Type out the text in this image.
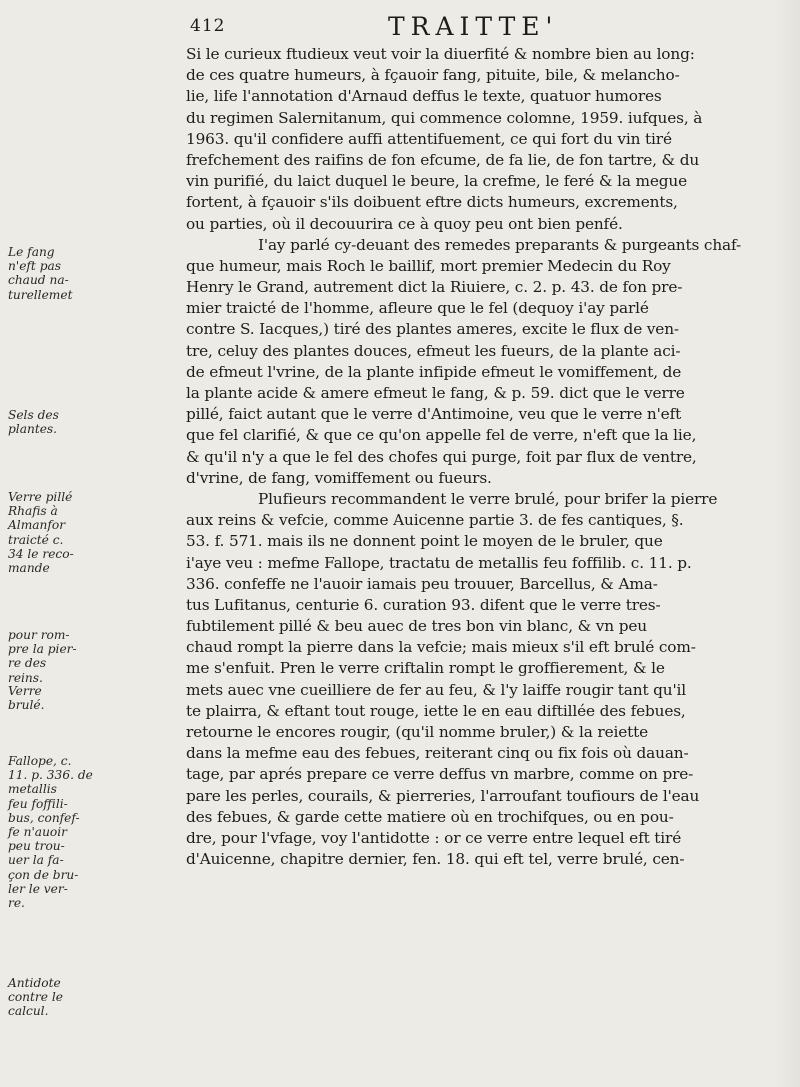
412	TRAITTE'
Si le curieux ftudieux veut voir la diuerfité & nombre bien au long:
de ces quatre humeurs, à fçauoir fang, pituite, bile, & melancho-
lie, life l'annotation d'Arnaud deffus le texte, quatuor humores
du regimen Salernitanum, qui commence colomne, 1959. iufques, à
1963. qu'il confidere auffi attentifuement, ce qui fort du vin tiré
frefchement des raifins de fon efcume, de fa lie, de fon tartre, & du
vin purifié, du laict duquel le beure, la crefme, le feré & la megue
fortent, à fçauoir s'ils doibuent eftre dicts humeurs, excrements,
ou parties, où il decouurira ce à quoy peu ont bien penfé.
I'ay parlé cy-deuant des remedes preparants & purgeants chaf-
que humeur, mais Roch le baillif, mort premier Medecin du Roy
Henry le Grand, autrement dict la Riuiere, c. 2. p. 43. de fon pre-
mier traicté de l'homme, afleure que le fel (dequoy i'ay parlé
contre S. Iacques,) tiré des plantes ameres, excite le flux de ven-
tre, celuy des plantes douces, efmeut les fueurs, de la plante aci-
de efmeut l'vrine, de la plante infipide efmeut le vomiffement, de
la plante acide & amere efmeut le fang, & p. 59. dict que le verre
pillé, faict autant que le verre d'Antimoine, veu que le verre n'eft
que fel clarifié, & que ce qu'on appelle fel de verre, n'eft que la lie,
& qu'il n'y a que le fel des chofes qui purge, foit par flux de ventre,
d'vrine, de fang, vomiffement ou fueurs.
Plufieurs recommandent le verre brulé, pour brifer la pierre
aux reins & vefcie, comme Auicenne partie 3. de fes cantiques, §.
53. f. 571. mais ils ne donnent point le moyen de le bruler, que
i'aye veu : mefme Fallope, tractatu de metallis feu foffilib. c. 11. p.
336. confeffe ne l'auoir iamais peu trouuer, Barcellus, & Ama-
tus Lufitanus, centurie 6. curation 93. difent que le verre tres-
fubtilement pillé & beu auec de tres bon vin blanc, & vn peu
chaud rompt la pierre dans la vefcie; mais mieux s'il eft brulé com-
me s'enfuit. Pren le verre criftalin rompt le groffierement, & le
mets auec vne cueilliere de fer au feu, & l'y laiffe rougir tant qu'il
te plairra, & eftant tout rouge, iette le en eau diftillée des febues,
retourne le encores rougir, (qu'il nomme bruler,) & la reiette
dans la mefme eau des febues, reiterant cinq ou fix fois où dauan-
tage, par aprés prepare ce verre deffus vn marbre, comme on pre-
pare les perles, courails, & pierreries, l'arroufant toufiours de l'eau
des febues, & garde cette matiere où en trochifques, ou en pou-
dre, pour l'vfage, voy l'antidotte : or ce verre entre lequel eft tiré
d'Auicenne, chapitre dernier, fen. 18. qui eft tel, verre brulé, cen-
Le fang
n'eft pas
chaud na-
turellemet
Sels des
plantes.
Verre pillé
Rhafis à
Almanfor
traicté c.
34 le reco-
mande
pour rom-
pre la pier-
re des
reins.
Verre
brulé.
Fallope, c.
11. p. 336. de
metallis
feu foffili-
bus, confef-
fe n'auoir
peu trou-
uer la fa-
çon de bru-
ler le ver-
re.
Antidote
contre le
calcul.
